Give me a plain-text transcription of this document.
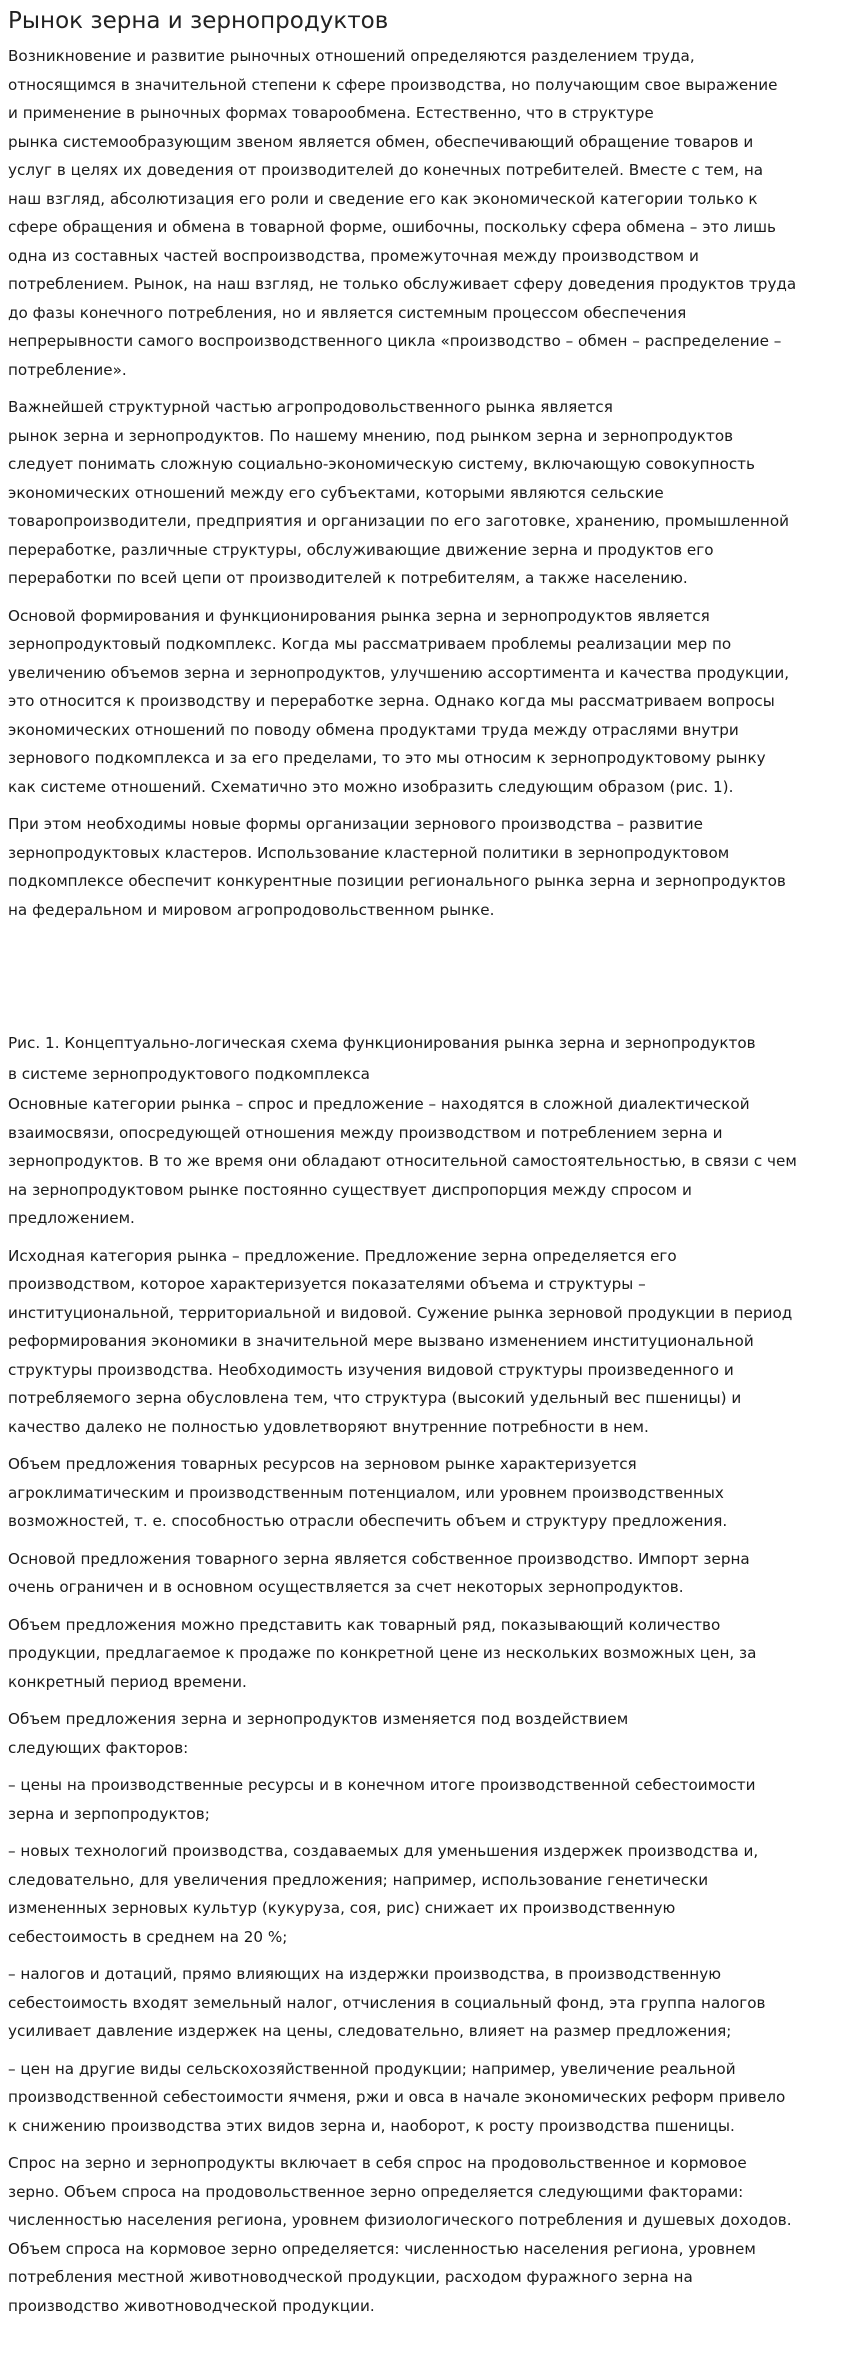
Рынок зерна и зернопродуктов

Возникновение и развитие рыночных отношений определяются разделением труда,
относящимся в значительной степени к сфере производства, но получающим свое выражение
и применение в рыночных формах товарообмена. Естественно, что в структуре
рынка системообразующим звеном является обмен, обеспечивающий обращение товаров и
услуг в целях их доведения от производителей до конечных потребителей. Вместе с тем, на
наш взгляд, абсолютизация его роли и сведение его как экономической категории только к
сфере обращения и обмена в товарной форме, ошибочны, поскольку сфера обмена – это лишь
одна из составных частей воспроизводства, промежуточная между производством и
потреблением. Рынок, на наш взгляд, не только обслуживает сферу доведения продуктов труда
до фазы конечного потребления, но и является системным процессом обеспечения
непрерывности самого воспроизводственного цикла «производство – обмен – распределение –
потребление».

Важнейшей структурной частью агропродовольственного рынка является
рынок зерна и зернопродуктов. По нашему мнению, под рынком зерна и зернопродуктов
следует понимать сложную социально-экономическую систему, включающую совокупность
экономических отношений между его субъектами, которыми являются сельские
товаропроизводители, предприятия и организации по его заготовке, хранению, промышленной
переработке, различные структуры, обслуживающие движение зерна и продуктов его
переработки по всей цепи от производителей к потребителям, а также населению.

Основой формирования и функционирования рынка зерна и зернопродуктов является
зернопродуктовый подкомплекс. Когда мы рассматриваем проблемы реализации мер по
увеличению объемов зерна и зернопродуктов, улучшению ассортимента и качества продукции,
это относится к производству и переработке зерна. Однако когда мы рассматриваем вопросы
экономических отношений по поводу обмена продуктами труда между отраслями внутри
зернового подкомплекса и за его пределами, то это мы относим к зернопродуктовому рынку
как системе отношений. Схематично это можно изобразить следующим образом (рис. 1).

При этом необходимы новые формы организации зернового производства – развитие
зернопродуктовых кластеров. Использование кластерной политики в зернопродуктовом
подкомплексе обеспечит конкурентные позиции регионального рынка зерна и зернопродуктов
на федеральном и мировом агропродовольственном рынке.

Рис. 1. Концептуально-логическая схема функционирования рынка зерна и зернопродуктов

в системе зернопродуктового подкомплекса

Основные категории рынка – спрос и предложение – находятся в сложной диалектической
взаимосвязи, опосредующей отношения между производством и потреблением зерна и
зернопродуктов. В то же время они обладают относительной самостоятельностью, в связи с чем
на зернопродуктовом рынке постоянно существует диспропорция между спросом и
предложением.

Исходная категория рынка – предложение. Предложение зерна определяется его
производством, которое характеризуется показателями объема и структуры –
институциональной, территориальной и видовой. Сужение рынка зерновой продукции в период
реформирования экономики в значительной мере вызвано изменением институциональной
структуры производства. Необходимость изучения видовой структуры произведенного и
потребляемого зерна обусловлена тем, что структура (высокий удельный вес пшеницы) и
качество далеко не полностью удовлетворяют внутренние потребности в нем.

Объем предложения товарных ресурсов на зерновом рынке характеризуется
агроклиматическим и производственным потенциалом, или уровнем производственных
возможностей, т. е. способностью отрасли обеспечить объем и структуру предложения.

Основой предложения товарного зерна является собственное производство. Импорт зерна
очень ограничен и в основном осуществляется за счет некоторых зернопродуктов.

Объем предложения можно представить как товарный ряд, показывающий количество
продукции, предлагаемое к продаже по конкретной цене из нескольких возможных цен, за
конкретный период времени.

Объем предложения зерна и зернопродуктов изменяется под воздействием
следующих факторов:

– цены на производственные ресурсы и в конечном итоге производственной себестоимости
зерна и зерпопродуктов;

– новых технологий производства, создаваемых для уменьшения издержек производства и,
следовательно, для увеличения предложения; например, использование генетически
измененных зерновых культур (кукуруза, соя, рис) снижает их производственную
себестоимость в среднем на 20 %;

– налогов и дотаций, прямо влияющих на издержки производства, в производственную
себестоимость входят земельный налог, отчисления в социальный фонд, эта группа налогов
усиливает давление издержек на цены, следовательно, влияет на размер предложения;

– цен на другие виды сельскохозяйственной продукции; например, увеличение реальной
производственной себестоимости ячменя, ржи и овса в начале экономических реформ привело
к снижению производства этих видов зерна и, наоборот, к росту производства пшеницы.

Спрос на зерно и зернопродукты включает в себя спрос на продовольственное и кормовое
зерно. Объем спроса на продовольственное зерно определяется следующими факторами:
численностью населения региона, уровнем физиологического потребления и душевых доходов.
Объем спроса на кормовое зерно определяется: численностью населения региона, уровнем
потребления местной животноводческой продукции, расходом фуражного зерна на
производство животноводческой продукции.
